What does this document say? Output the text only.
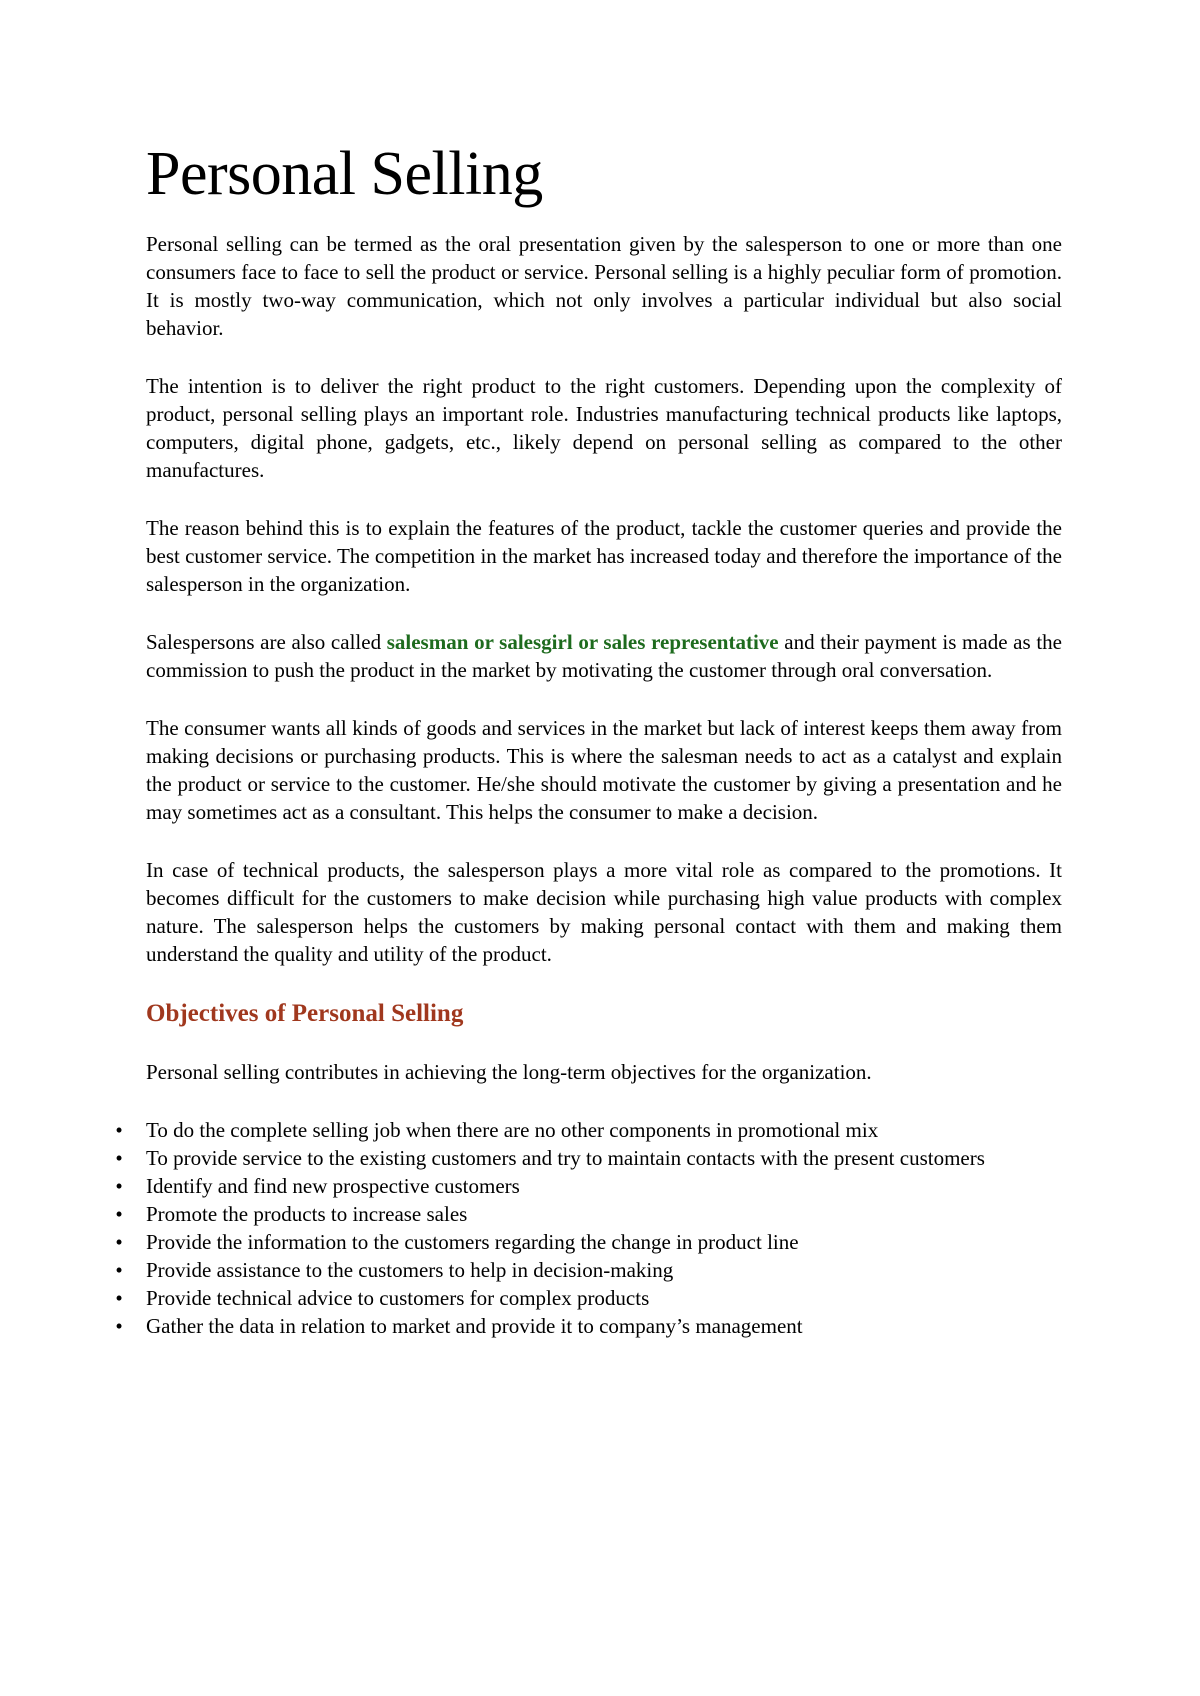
Personal Selling

Personal selling can be termed as the oral presentation given by the salesperson to one or more than one consumers face to face to sell the product or service. Personal selling is a highly peculiar form of promotion. It is mostly two-way communication, which not only involves a particular individual but also social behavior.

The intention is to deliver the right product to the right customers. Depending upon the complexity of product, personal selling plays an important role. Industries manufacturing technical products like laptops, computers, digital phone, gadgets, etc., likely depend on personal selling as compared to the other manufactures.

The reason behind this is to explain the features of the product, tackle the customer queries and provide the best customer service. The competition in the market has increased today and therefore the importance of the salesperson in the organization.

Salespersons are also called salesman or salesgirl or sales representative and their payment is made as the commission to push the product in the market by motivating the customer through oral conversation.

The consumer wants all kinds of goods and services in the market but lack of interest keeps them away from making decisions or purchasing products. This is where the salesman needs to act as a catalyst and explain the product or service to the customer. He/she should motivate the customer by giving a presentation and he may sometimes act as a consultant. This helps the consumer to make a decision.

In case of technical products, the salesperson plays a more vital role as compared to the promotions. It becomes difficult for the customers to make decision while purchasing high value products with complex nature. The salesperson helps the customers by making personal contact with them and making them understand the quality and utility of the product.

Objectives of Personal Selling

Personal selling contributes in achieving the long-term objectives for the organization.

• To do the complete selling job when there are no other components in promotional mix
• To provide service to the existing customers and try to maintain contacts with the present customers
• Identify and find new prospective customers
• Promote the products to increase sales
• Provide the information to the customers regarding the change in product line
• Provide assistance to the customers to help in decision-making
• Provide technical advice to customers for complex products
• Gather the data in relation to market and provide it to company’s management
